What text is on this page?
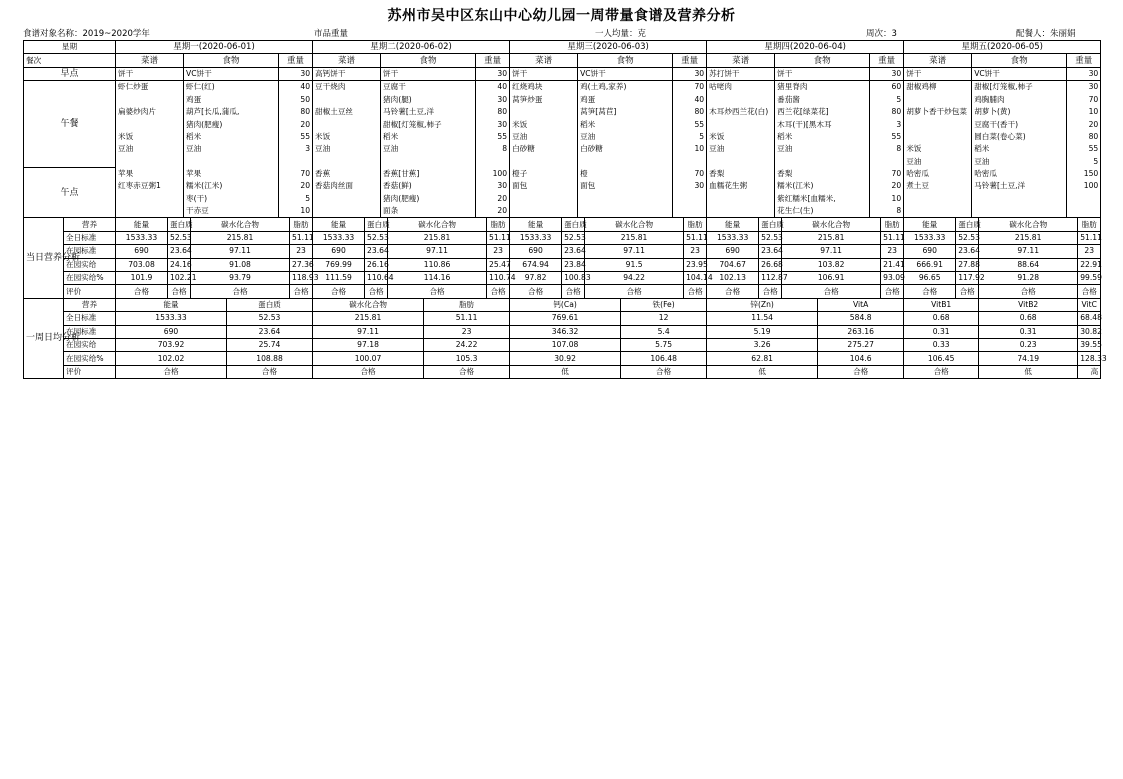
苏州市吴中区东山中心幼儿园一周带量食谱及营养分析
食谱对象名称：2019~2020学年	市品重量	一人均量：克	周次：3	配餐人：朱丽娟
星期		星期一(2020-06-01)							星期二(2020-06-02)							星期三(2020-06-03)							星期四(2020-06-04)							星期五(2020-06-05)					
餐次		菜谱		食物			重量		菜谱		食物			重量		菜谱		食物			重量		菜谱		食物			重量		菜谱		食物		重量	
早点		饼干		VC饼干			30		高钙饼干		饼干			30		饼干		VC饼干			30		苏打饼干		饼干			30		饼干		VC饼干		30	
午餐		虾仁炒蛋		虾仁(红)			40		豆干烧肉		豆腐干			40		红烧鸡块		鸡(土鸡,家养)			70		咕咾肉		猪里脊肉			60		甜椒鸡柳		甜椒[灯笼椒,柿子		30	
				鸡蛋			50				猪肉(腿)			30		莴笋炒蛋		鸡蛋			40				番茄酱			5				鸡胸脯肉		70	
		扁婆炒肉片		葫芦[长瓜,蒲瓜,			80		甜椒土豆丝		马铃薯[土豆,洋			80				莴笋[莴苣]			80		木耳炒西兰花(白)		西兰花[绿菜花]			80		胡萝卜香干炒包菜		胡萝卜(黄)		10	
				猪肉(肥瘦)			20				甜椒[灯笼椒,柿子			30		米饭		稻米			55				木耳(干)[黑木耳			3				豆腐干(香干)		20	
		米饭		稻米			55		米饭		稻米			55		豆油		豆油			5		米饭		稻米			55				圆白菜(卷心菜)		80	
		豆油		豆油			3		豆油		豆油			8		白砂糖		白砂糖			10		豆油		豆油			8		米饭		稻米		55	
																														豆油		豆油		5	
午点		苹果		苹果			70		香蕉		香蕉[甘蕉]			100		橙子		橙			70		香梨		香梨			70		哈密瓜		哈密瓜		150	
		红枣赤豆粥1		糯米(江米)			20		香菇肉丝面		香菇(鲜)			30		面包		面包			30		血糯花生粥		糯米(江米)			20		煮土豆		马铃薯[土豆,洋		100	
				枣(干)			5				猪肉(肥瘦)			20											紫红糯米[血糯米,			10							
				干赤豆			10				面条			20											花生仁(生)			8							
当日营养分析	营养	能量	蛋白质		碳水化合物			脂肪	能量	蛋白质		碳水化合物			脂肪	能量	蛋白质		碳水化合物			脂肪	能量	蛋白质		碳水化合物			脂肪	能量	蛋白质		碳水化合物		脂肪
	全日标准	1533.33	52.53		215.81			51.11	1533.33	52.53		215.81			51.11	1533.33	52.53		215.81			51.11	1533.33	52.53		215.81			51.11	1533.33	52.53		215.81		51.11
	在园标准	690	23.64		97.11			23	690	23.64		97.11			23	690	23.64		97.11			23	690	23.64		97.11			23	690	23.64		97.11		23
	在园实给	703.08	24.16		91.08			27.36	769.99	26.16		110.86			25.47	674.94	23.84		91.5			23.95	704.67	26.68		103.82			21.41	666.91	27.88		88.64		22.91
	在园实给%	101.9	102.21		93.79			118.93	111.59	110.64		114.16			110.74	97.82	100.83		94.22			104.14	102.13	112.87		106.91			93.09	96.65	117.92		91.28		99.59
	评价	合格	合格		合格			合格	合格	合格		合格			合格	合格	合格		合格			合格	合格	合格		合格			合格	合格	合格		合格		合格
一周日均分析	营养	能量				蛋白质			碳水化合物				脂肪			钙(Ca)				铁(Fe)			锌(Zn)				VitA			VitB1			VitB2		VitC
	全日标准	1533.33				52.53			215.81				51.11			769.61				12			11.54				584.8			0.68			0.68		68.48
	在园标准	690				23.64			97.11				23			346.32				5.4			5.19				263.16			0.31			0.31		30.82
	在园实给	703.92				25.74			97.18				24.22			107.08				5.75			3.26				275.27			0.33			0.23		39.55
	在园实给%	102.02				108.88			100.07				105.3			30.92				106.48			62.81				104.6			106.45			74.19		128.33
	评价	合格				合格			合格				合格			低				合格			低				合格			合格			低		高
